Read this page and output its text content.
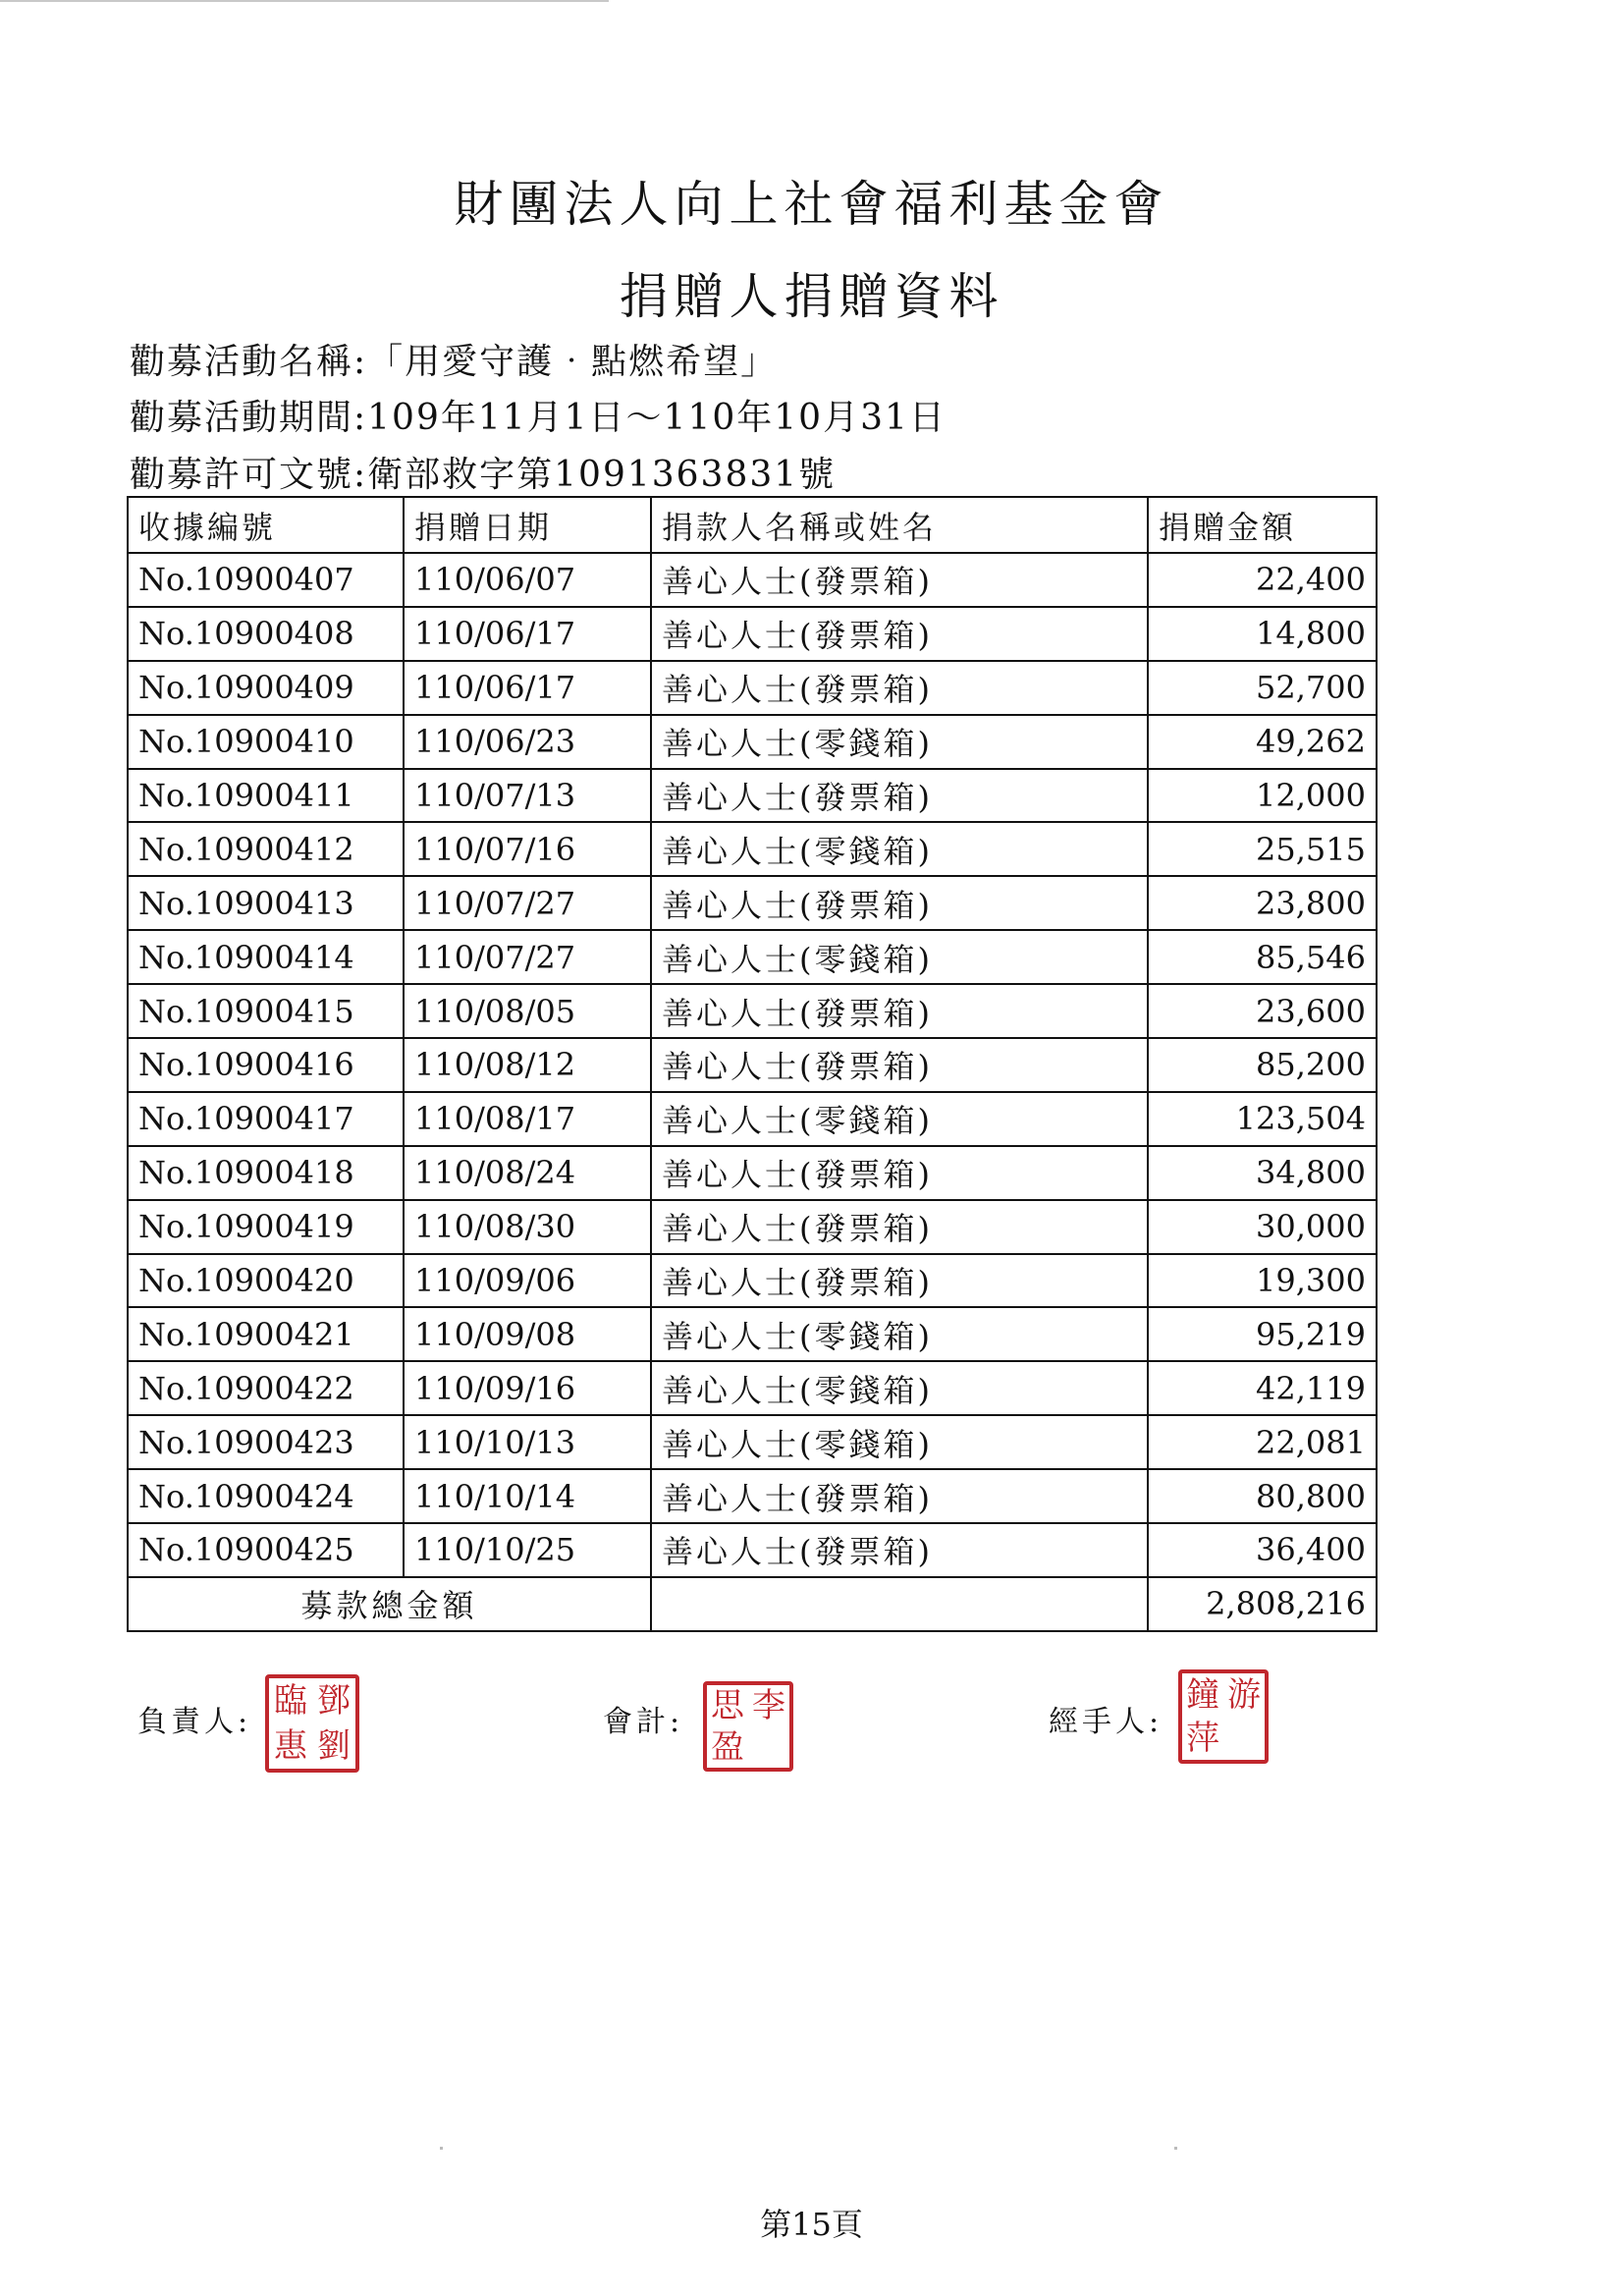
財團法人向上社會福利基金會
捐贈人捐贈資料
勸募活動名稱:「用愛守護‧點燃希望」
勸募活動期間:109年11月1日～110年10月31日
勸募許可文號:衛部救字第1091363831號
收據編號	捐贈日期	捐款人名稱或姓名	捐贈金額
No.10900407	110/06/07	善心人士(發票箱)	22,400
No.10900408	110/06/17	善心人士(發票箱)	14,800
No.10900409	110/06/17	善心人士(發票箱)	52,700
No.10900410	110/06/23	善心人士(零錢箱)	49,262
No.10900411	110/07/13	善心人士(發票箱)	12,000
No.10900412	110/07/16	善心人士(零錢箱)	25,515
No.10900413	110/07/27	善心人士(發票箱)	23,800
No.10900414	110/07/27	善心人士(零錢箱)	85,546
No.10900415	110/08/05	善心人士(發票箱)	23,600
No.10900416	110/08/12	善心人士(發票箱)	85,200
No.10900417	110/08/17	善心人士(零錢箱)	123,504
No.10900418	110/08/24	善心人士(發票箱)	34,800
No.10900419	110/08/30	善心人士(發票箱)	30,000
No.10900420	110/09/06	善心人士(發票箱)	19,300
No.10900421	110/09/08	善心人士(零錢箱)	95,219
No.10900422	110/09/16	善心人士(零錢箱)	42,119
No.10900423	110/10/13	善心人士(零錢箱)	22,081
No.10900424	110/10/14	善心人士(發票箱)	80,800
No.10900425	110/10/25	善心人士(發票箱)	36,400
募款總金額			2,808,216
負責人:
臨 鄧
惠 劉
會計: 思 李
盈
經手人:
鐘 游
萍
第15頁
